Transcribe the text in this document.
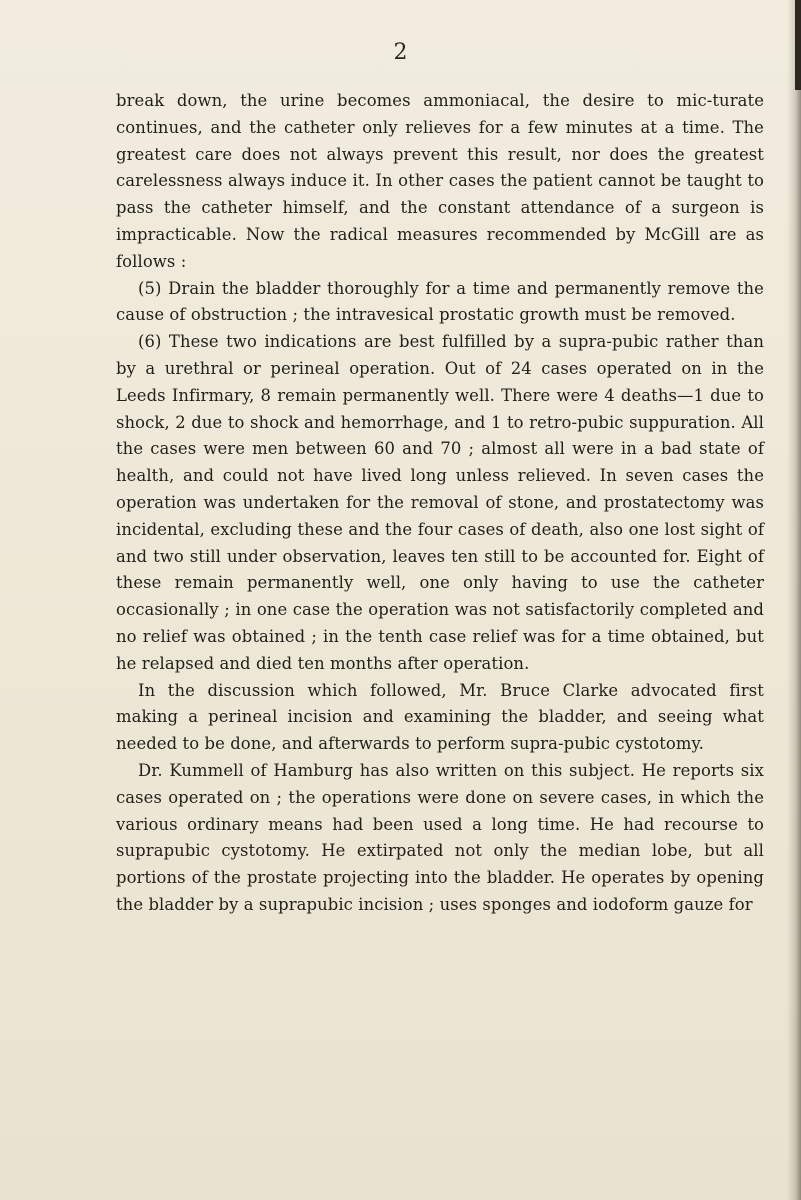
2

break down, the urine becomes ammoniacal, the desire to mic-turate continues, and the catheter only relieves for a few minutes at a time. The greatest care does not always prevent this result, nor does the greatest carelessness always induce it. In other cases the patient cannot be taught to pass the catheter himself, and the constant attendance of a surgeon is impracticable. Now the radical measures recommended by McGill are as follows :

(5) Drain the bladder thoroughly for a time and permanently remove the cause of obstruction ; the intravesical prostatic growth must be removed.

(6) These two indications are best fulfilled by a supra-pubic rather than by a urethral or perineal operation. Out of 24 cases operated on in the Leeds Infirmary, 8 remain permanently well. There were 4 deaths—1 due to shock, 2 due to shock and hemorrhage, and 1 to retro-pubic suppuration. All the cases were men between 60 and 70 ; almost all were in a bad state of health, and could not have lived long unless relieved. In seven cases the operation was undertaken for the removal of stone, and prostatectomy was incidental, excluding these and the four cases of death, also one lost sight of and two still under observation, leaves ten still to be accounted for. Eight of these remain permanently well, one only having to use the catheter occasionally ; in one case the operation was not satisfactorily completed and no relief was obtained ; in the tenth case relief was for a time obtained, but he relapsed and died ten months after operation.

In the discussion which followed, Mr. Bruce Clarke advocated first making a perineal incision and examining the bladder, and seeing what needed to be done, and afterwards to perform supra-pubic cystotomy.

Dr. Kummell of Hamburg has also written on this subject. He reports six cases operated on ; the operations were done on severe cases, in which the various ordinary means had been used a long time. He had recourse to suprapubic cystotomy. He extirpated not only the median lobe, but all portions of the prostate projecting into the bladder. He operates by opening the bladder by a suprapubic incision ; uses sponges and iodoform gauze for
